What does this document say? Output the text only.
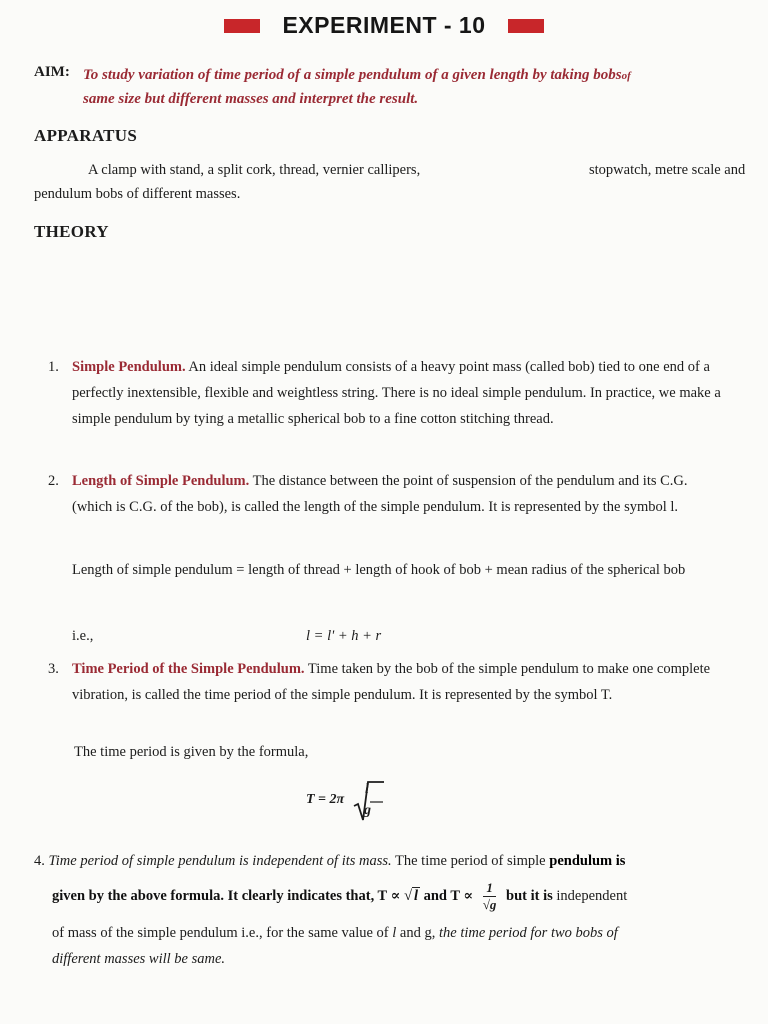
EXPERIMENT - 10
AIM: To study variation of time period of a simple pendulum of a given length by taking bobsof
same size but different masses and interpret the result.
APPARATUS
A clamp with stand, a split cork, thread, vernier callipers,	stopwatch, metre scale and
pendulum bobs of different masses.
THEORY
1. Simple Pendulum. An ideal simple pendulum consists of a heavy point mass (called bob) tied to one end of a perfectly inextensible, flexible and weightless string. There is no ideal simple pendulum. In practice, we make a simple pendulum by tying a metallic spherical bob to a fine cotton stitching thread.
2. Length of Simple Pendulum. The distance between the point of suspension of the pendulum and its C.G. (which is C.G. of the bob), is called the length of the simple pendulum. It is represented by the symbol l.
Length of simple pendulum = length of thread + length of hook of bob + mean radius of the spherical bob
i.e.,	l = l' + h + r
3. Time Period of the Simple Pendulum. Time taken by the bob of the simple pendulum to make one complete vibration, is called the time period of the simple pendulum. It is represented by the symbol T.
The time period is given by the formula,
T = 2π
l
g
4. Time period of simple pendulum is independent of its mass. The time period of simple pendulum is
given by the above formula. It clearly indicates that, T ∝ √ l and $T \propto \frac{1}{√g}$ but it is independent
of mass of the simple pendulum i.e., for the same value of l and g, the time period for two bobs of
different masses will be same.
